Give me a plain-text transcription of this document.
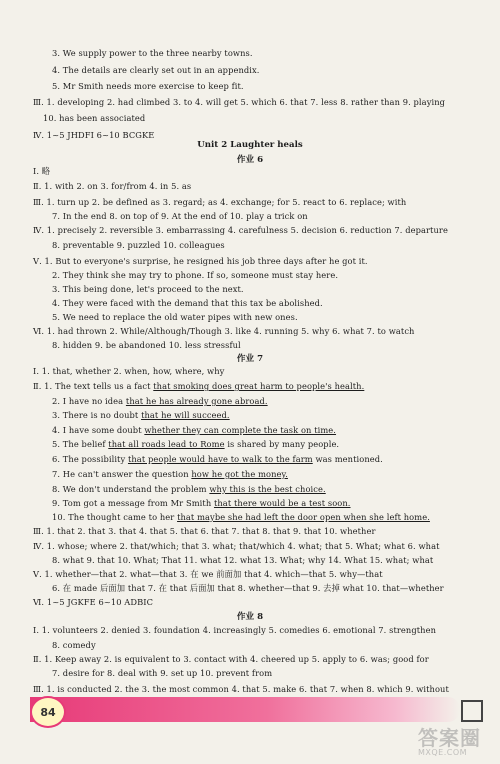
3. We supply power to the three nearby towns.
4. The details are clearly set out in an appendix.
5. Mr Smith needs more exercise to keep fit.
Ⅲ. 1. developing 2. had climbed 3. to 4. will get 5. which 6. that 7. less 8. rather than 9. playing
10. has been associated
Ⅳ. 1~5 JHDFI 6~10 BCGKE
Unit 2 Laughter heals
作业 6
Ⅰ. 略
Ⅱ. 1. with 2. on 3. for/from 4. in 5. as
Ⅲ. 1. turn up 2. be defined as 3. regard; as 4. exchange; for 5. react to 6. replace; with
7. In the end 8. on top of 9. At the end of 10. play a trick on
Ⅳ. 1. precisely 2. reversible 3. embarrassing 4. carefulness 5. decision 6. reduction 7. departure
8. preventable 9. puzzled 10. colleagues
Ⅴ. 1. But to everyone's surprise, he resigned his job three days after he got it.
2. They think she may try to phone. If so, someone must stay here.
3. This being done, let's proceed to the next.
4. They were faced with the demand that this tax be abolished.
5. We need to replace the old water pipes with new ones.
Ⅵ. 1. had thrown 2. While/Although/Though 3. like 4. running 5. why 6. what 7. to watch
8. hidden 9. be abandoned 10. less stressful
作业 7
Ⅰ. 1. that, whether 2. when, how, where, why
Ⅱ. 1. The text tells us a fact that smoking does great harm to people's health.
2. I have no idea that he has already gone abroad.
3. There is no doubt that he will succeed.
4. I have some doubt whether they can complete the task on time.
5. The belief that all roads lead to Rome is shared by many people.
6. The possibility that people would have to walk to the farm was mentioned.
7. He can't answer the question how he got the money.
8. We don't understand the problem why this is the best choice.
9. Tom got a message from Mr Smith that there would be a test soon.
10. The thought came to her that maybe she had left the door open when she left home.
Ⅲ. 1. that 2. that 3. that 4. that 5. that 6. that 7. that 8. that 9. that 10. whether
Ⅳ. 1. whose; where 2. that/which; that 3. what; that/which 4. what; that 5. What; what 6. what
8. what 9. that 10. What; That 11. what 12. what 13. What; why 14. What 15. what; what
Ⅴ. 1. whether—that 2. what—that 3. 在 we 前面加 that 4. which—that 5. why—that
6. 在 made 后面加 that 7. 在 that 后面加 that 8. whether—that 9. 去掉 what 10. that—whether
Ⅵ. 1~5 JGKFE 6~10 ADBIC
作业 8
Ⅰ. 1. volunteers 2. denied 3. foundation 4. increasingly 5. comedies 6. emotional 7. strengthen
8. comedy
Ⅱ. 1. Keep away 2. is equivalent to 3. contact with 4. cheered up 5. apply to 6. was; good for
7. desire for 8. deal with 9. set up 10. prevent from
Ⅲ. 1. is conducted 2. the 3. the most common 4. that 5. make 6. that 7. when 8. which 9. without
84
答案圈
MXQE.COM
